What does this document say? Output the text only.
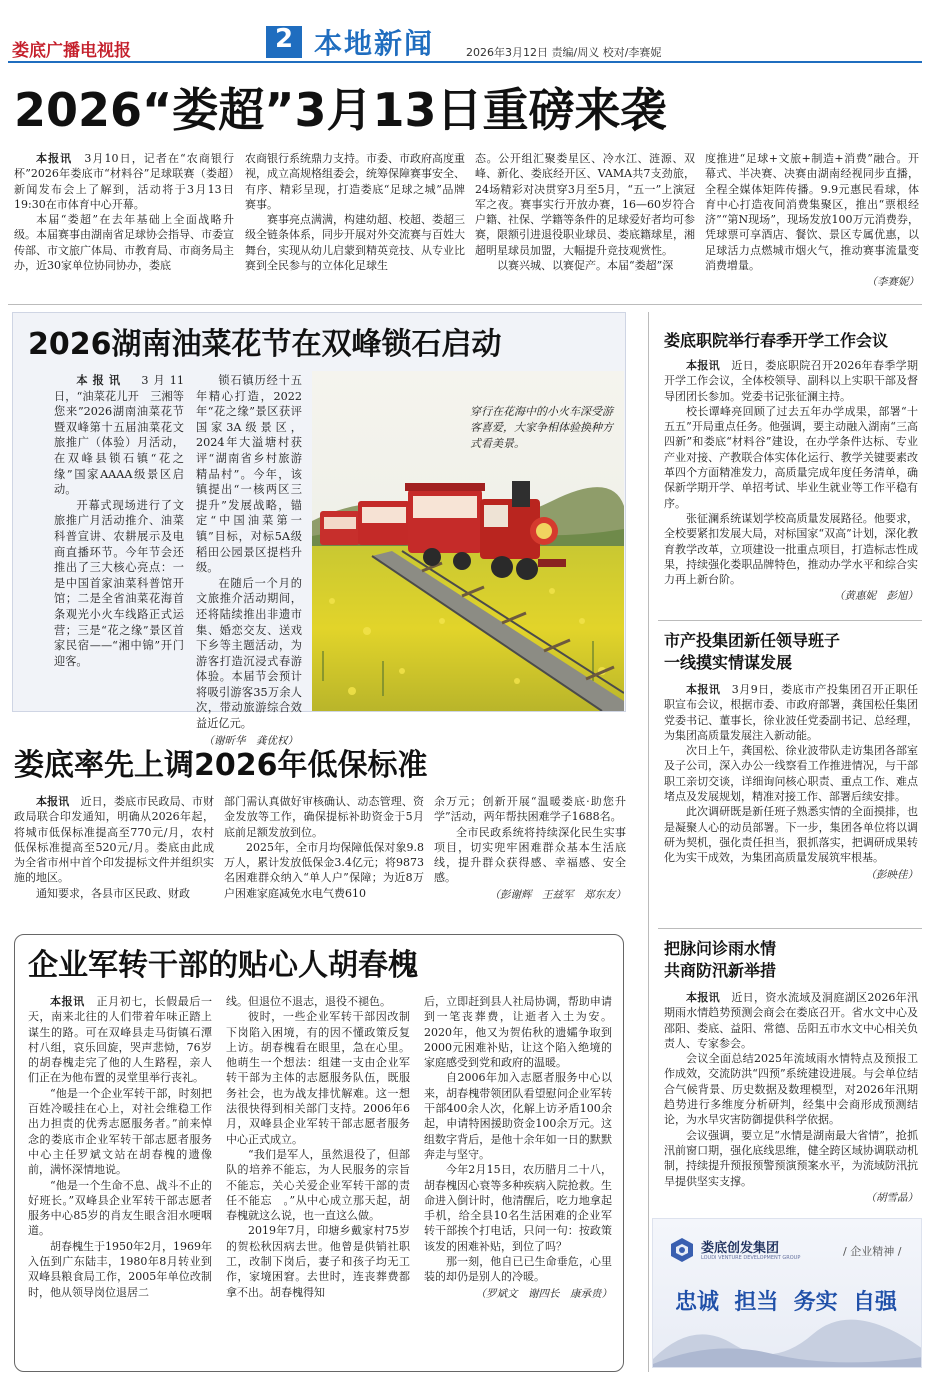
娄底广播电视报	2 本地新闻	2026年3月12日 责编/周义 校对/李赛妮
2026“娄超”3月13日重磅来袭

本报讯　3月10日，记者在“农商银行杯”2026年娄底市“材料谷”足球联赛（娄超）新闻发布会上了解到，活动将于3月13日19:30在市体育中心开幕。

本届“娄超”在去年基础上全面战略升级。本届赛事由湖南省足球协会指导、市委宣传部、市文旅广体局、市教育局、市商务局主办，近30家单位协同协办，娄底

农商银行系统鼎力支持。市委、市政府高度重视，成立高规格组委会，统筹保障赛事安全、有序、精彩呈现，打造娄底“足球之城”品牌赛事。

赛事亮点满满，构建幼超、校超、娄超三级全链条体系，同步开展对外交流赛与百姓大舞台，实现从幼儿启蒙到精英竞技、从专业比赛到全民参与的立体化足球生

态。公开组汇聚娄星区、冷水江、涟源、双峰、新化、娄底经开区、VAMA共7支劲旅，24场精彩对决贯穿3月至5月，“五一”上演冠军之夜。赛事实行开放办赛，16—60岁符合户籍、社保、学籍等条件的足球爱好者均可参赛，限额引进退役职业球员、娄底籍球星，湘超明星球员加盟，大幅提升竞技观赏性。

以赛兴城、以赛促产。本届“娄超”深

度推进“足球+文旅+制造+消费”融合。开幕式、半决赛、决赛由湖南经视同步直播，全程全媒体矩阵传播。9.9元惠民看球，体育中心打造夜间消费集聚区，推出“票根经济”“第N现场”，现场发放100万元消费券，凭球票可享酒店、餐饮、景区专属优惠，以足球活力点燃城市烟火气，推动赛事流量变消费增量。

（李赛妮）
2026湖南油菜花节在双峰锁石启动

本报讯　3月11日，“油菜花儿开　三湘等您来”2026湖南油菜花节暨双峰第十五届油菜花文旅推广（体验）月活动，在双峰县锁石镇“花之缘”国家AAAA级景区启动。

开幕式现场进行了文旅推广月活动推介、油菜科普宣讲、农耕展示及电商直播环节。今年节会还推出了三大核心亮点：一是中国首家油菜科普馆开馆；二是全省油菜花海首条观光小火车线路正式运营；三是“花之缘”景区首家民宿——“湘中锦”开门迎客。

锁石镇历经十五年精心打造，2022年“花之缘”景区获评国家3A级景区，2024年大溢塘村获评“湖南省乡村旅游精品村”。今年，该镇提出“一核两区三提升”发展战略，锚定“中国油菜第一镇”目标，对标5A级稻田公园景区提档升级。

在随后一个月的文旅推介活动期间，还将陆续推出非遗市集、婚恋交友、送戏下乡等主题活动，为游客打造沉浸式春游体验。本届节会预计将吸引游客35万余人次，带动旅游综合效益近亿元。

（谢昕华　龚优权）
穿行在花海中的小火车深受游客喜爱，大家争相体验换种方式看美景。
娄底率先上调2026年低保标准

本报讯　近日，娄底市民政局、市财政局联合印发通知，明确从2026年起，将城市低保标准提高至770元/月，农村低保标准提高至520元/月。娄底由此成为全省市州中首个印发提标文件并组织实施的地区。

通知要求，各县市区民政、财政

部门需认真做好审核确认、动态管理、资金发放等工作，确保提标补助资金于5月底前足额发放到位。

2025年，全市月均保障低保对象9.8万人，累计发放低保金3.4亿元；将9873名困难群众纳入“单人户”保障；为近8万户困难家庭减免水电气费610

余万元；创新开展“温暖娄底·助您升学”活动，两年帮扶困难学子1688名。

全市民政系统将持续深化民生实事项目，切实兜牢困难群众基本生活底线，提升群众获得感、幸福感、安全感。

（彭谢辉　王兹军　郑东友）
企业军转干部的贴心人胡春槐

本报讯　正月初七，长假最后一天，南来北往的人们带着年味正踏上谋生的路。可在双峰县走马街镇石潭村八组，哀乐回旋，哭声悲恸，76岁的胡春槐走完了他的人生路程，亲人们正在为他布置的灵堂里举行丧礼。

“他是一个企业军转干部，时刻把百姓冷暖挂在心上，对社会维稳工作出力担责的优秀志愿服务者。”前来悼念的娄底市企业军转干部志愿者服务中心主任罗斌文站在胡春槐的遗像前，满怀深情地说。

“他是一个生命不息、战斗不止的好班长。”双峰县企业军转干部志愿者服务中心85岁的肖友生眼含泪水哽咽道。

胡春槐生于1950年2月，1969年入伍到广东陆丰，1980年8月转业到双峰县粮食局工作，2005年单位改制时，他从领导岗位退居二

线。但退位不退志，退役不褪色。

彼时，一些企业军转干部因改制下岗陷入困境，有的因不懂政策反复上访。胡春槐看在眼里，急在心里。他萌生一个想法：组建一支由企业军转干部为主体的志愿服务队伍，既服务社会，也为战友排忧解难。这一想法很快得到相关部门支持。2006年6月，双峰县企业军转干部志愿者服务中心正式成立。

“我们是军人，虽然退役了，但部队的培养不能忘，为人民服务的宗旨不能忘，关心关爱企业军转干部的责任不能忘　。”从中心成立那天起，胡春槐就这么说，也一直这么做。

2019年7月，印塘乡戴家村75岁的贺松秋因病去世。他曾是供销社职工，改制下岗后，妻子和孩子均无工作，家境困窘。去世时，连丧葬费都拿不出。胡春槐得知

后，立即赶到县人社局协调，帮助申请到一笔丧葬费，让逝者入土为安。2020年，他又为贺佑秋的遗孀争取到2000元困难补贴，让这个陷入绝境的家庭感受到党和政府的温暖。

自2006年加入志愿者服务中心以来，胡春槐带领团队看望慰问企业军转干部400余人次，化解上访矛盾100余起，申请特困援助资金100余万元。这组数字背后，是他十余年如一日的默默奔走与坚守。

今年2月15日，农历腊月二十八，胡春槐因心衰等多种疾病入院抢救。生命进入倒计时，他清醒后，吃力地拿起手机，给全县10名生活困难的企业军转干部挨个打电话，只问一句：按政策该发的困难补贴，到位了吗？

那一刻，他自已已生命垂危，心里装的却仍是别人的冷暖。

（罗斌文　谢四长　康承贵）
娄底职院举行春季开学工作会议

本报讯　近日，娄底职院召开2026年春季学期开学工作会议，全体校领导、副科以上实职干部及督导团团长参加。党委书记张征澜主持。

校长谭峰亮回顾了过去五年办学成果，部署“十五五”开局重点任务。他强调，要主动融入湖南“三高四新”和娄底“材料谷”建设，在办学条件达标、专业产业对接、产教联合体实体化运行、教学关键要素改革四个方面精准发力，高质量完成年度任务清单，确保新学期开学、单招考试、毕业生就业等工作平稳有序。

张征澜系统谋划学校高质量发展路径。他要求，全校要紧扣发展大局，对标国家“双高”计划，深化教育教学改革，立项建设一批重点项目，打造标志性成果，持续强化娄职品牌特色，推动办学水平和综合实力再上新台阶。

（黄惠妮　彭旭）
市产投集团新任领导班子
一线摸实情谋发展

本报讯　3月9日，娄底市产投集团召开正职任职宣布会议，根据市委、市政府部署，龚国松任集团党委书记、董事长，徐业波任党委副书记、总经理，为集团高质量发展注入新动能。

次日上午，龚国松、徐业波带队走访集团各部室及子公司，深入办公一线察看工作推进情况，与干部职工亲切交谈，详细询问核心职责、重点工作、难点堵点及发展规划，精准对接工作、部署后续安排。

此次调研既是新任班子熟悉实情的全面摸排，也是凝聚人心的动员部署。下一步，集团各单位将以调研为契机，强化责任担当，狠抓落实，把调研成果转化为实干成效，为集团高质量发展筑牢根基。

（彭映佳）
把脉问诊雨水情
共商防汛新举措

本报讯　近日，资水流域及洞庭湖区2026年汛期雨水情趋势预测会商会在娄底召开。省水文中心及邵阳、娄底、益阳、常德、岳阳五市水文中心相关负责人、专家参会。

会议全面总结2025年流域雨水情特点及预报工作成效，交流防洪“四预”系统建设进展。与会单位结合气候背景、历史数据及数理模型，对2026年汛期趋势进行多维度分析研判，经集中会商形成预测结论，为水旱灾害防御提供科学依据。

会议强调，要立足“水情是湖南最大省情”，抢抓汛前窗口期，强化底线思维，健全跨区域协调联动机制，持续提升预报预警预演预案水平，为流域防汛抗旱提供坚实支撑。

（胡雪晶）
娄底创发集团
LOUDI VENTURE DEVELOPMENT GROUP	/ 企业精神 /
忠诚  担当  务实  自强
